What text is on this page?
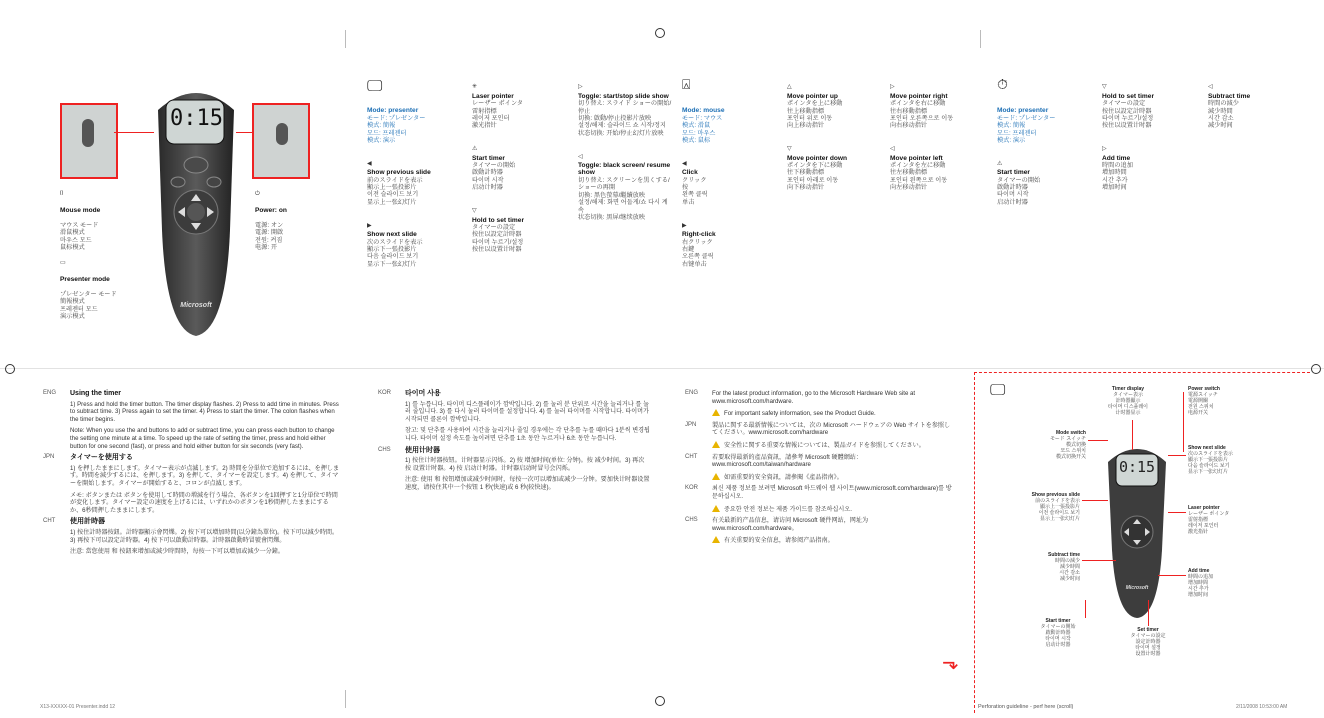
0:15
Microsoft

⌷

Mouse mode

マウス モード
滑鼠模式
마우스 모드
鼠标模式

▭

Presenter mode

プレゼンター モード
簡報模式
프레젠터 모드
演示模式

⏻

Power: on

電源: オン
電源: 開啟
전원: 켜짐
电源: 开

🖵

Mode: presenter
モード: プレゼンター
模式: 簡報
모드: 프레젠터
模式: 演示

◀
Show previous slide
前のスライドを表示
顯示上一張投影片
이전 슬라이드 보기
显示上一张幻灯片

▶
Show next slide
次のスライドを表示
顯示下一張投影片
다음 슬라이드 보기
显示下一张幻灯片

✳
Laser pointer
レーザー ポインタ
雷射指標
레이저 포인터
激光指针

⚠
Start timer
タイマーの開始
啟動計時器
타이머 시작
启动计时器

▽
Hold to set timer
タイマーの設定
按住以設定計時器
타이머 누르기/설정
按住以设置计时器

▷
Toggle: start/stop slide show
切り替え: スライド ショーの開始/停止
切換: 啟動/停止投影片放映
설정/해제: 슬라이드 쇼 시작/정지
状态切换: 开始/停止幻灯片放映

◁
Toggle: black screen/ resume show
切り替え: スクリーンを黒くする/ショーの再開
切換: 黑色螢幕/繼續放映
설정/해제: 화면 어둡게/쇼 다시 계속
状态切换: 黑屏/继续放映

⍓

Mode: mouse
モード: マウス
模式: 滑鼠
모드: 마우스
模式: 鼠标

◀
Click
クリック
按
왼쪽 클릭
单击

▶
Right-click
右クリック
右鍵
오른쪽 클릭
右键单击

△
Move pointer up
ポインタを上に移動
往上移動指標
포인터 위로 이동
向上移动指针

▽
Move pointer down
ポインタを下に移動
往下移動指標
포인터 아래로 이동
向下移动指针

▷
Move pointer right
ポインタを右に移動
往右移動指標
포인터 오른쪽으로 이동
向右移动指针

◁
Move pointer left
ポインタを左に移動
往左移動指標
포인터 왼쪽으로 이동
向左移动指针

⏱

Mode: presenter
モード: プレゼンター
模式: 簡報
모드: 프레젠터
模式: 演示

⚠
Start timer
タイマーの開始
啟動計時器
타이머 시작
启动计时器

▽
Hold to set timer
タイマーの設定
按住以設定計時器
타이머 누르기/설정
按住以设置计时器

▷
Add time
時間の追加
增加時間
시간 추가
增加时间

◁
Subtract time
時間の減少
減少時間
시간 감소
减少时间

ENG Using the timer
1) Press and hold the timer button. The timer display flashes. 2) Press to add time in minutes. Press to subtract time. 3) Press again to set the timer. 4) Press to start the timer. The colon flashes when the timer begins.
Note: When you use the and buttons to add or subtract time, you can press each button to change the setting one minute at a time. To speed up the rate of setting the timer, press and hold either button for one second (fast), or press and hold either button for six seconds (very fast).
JPN タイマーを使用する
1) を押したままにします。タイマー表示が点滅します。2) 時間を分単位で追加するには、を押します。時間を減少するには、を押します。3) を押して、タイマーを設定します。4) を押して、タイマーを開始します。タイマーが開始すると、コロンが点滅します。
メモ: ボタンまたは ボタンを使用して時間の増減を行う場合、各ボタンを1回押すと1分単位で時間が変化します。タイマー設定の速度を上げるには、いずれかのボタンを1秒間押したままにするか、6秒間押したままにします。
CHT 使用計時器
1) 按住計時器按鈕。計時器顯示會閃爍。2) 按下可以增加時間(以分鐘為單位)。按下可以減少時間。3) 再按下可以設定計時器。4) 按下可以啟動計時器。計時器啟動時冒號會閃爍。
注意: 當您使用 和 按鈕來增加或減少時間時，每按一下可以增加或減少一分鐘。
KOR 타이머 사용
1) 를 누릅니다. 타이머 디스플레이가 깜박입니다. 2) 를 눌러 분 단위로 시간을 늘리거나 를 눌러 줄입니다. 3) 를 다시 눌러 타이머를 설정합니다. 4) 를 눌러 타이머를 시작합니다. 타이머가 시작되면 콜론이 깜박입니다.
참고: 및 단추를 사용하여 시간을 늘리거나 줄일 경우에는 각 단추를 누를 때마다 1분씩 변경됩니다. 타이머 설정 속도를 높이려면 단추를 1초 동안 누르거나 6초 동안 누릅니다.
CHS 使用计时器
1) 按住计时器按钮。计时器显示闪烁。2) 按 增加时间(单位: 分钟)。按 减少时间。3) 再次按 设置计时器。4) 按 启动计时器。计时器启动时冒号会闪烁。
注意: 使用 和 按钮增加或减少时间时，每按一次可以增加或减少一分钟。要加快计时器设置速度，请按住其中一个按钮 1 秒(快速)或 6 秒(较快速)。
ENG For the latest product information, go to the Microsoft Hardware Web site at www.microsoft.com/hardware.
For important safety information, see the Product Guide.
JPN	製品に関する最新情報については、次の Microsoft ハードウェアの Web サイトを参照してください。www.microsoft.com/hardware
安全性に関する重要な情報については、製品ガイドを参照してください。
CHT 若要取得最新的產品資訊，請參考 Microsoft 硬體網站：www.microsoft.com/taiwan/hardware
如需重要的安全資訊，請參閱《產品指南》。
KOR 최신 제품 정보를 보려면 Microsoft 하드웨어 웹 사이트(www.microsoft.com/hardware)를 방문하십시오.
중요한 안전 정보는 제품 가이드를 참조하십시오.
CHS 有关最新的产品信息，请访问 Microsoft 硬件网站，网址为 www.microsoft.com/hardware。
有关重要的安全信息，请参阅产品指南。
⬎
🖵
0:15
Microsoft
Timer display
タイマー表示
計時器顯示
타이머 디스플레이
计时器显示
Power switch
電源スイッチ
電源開關
전원 스위치
电源开关
Mode switch
モード スイッチ
模式切換
모드 스위치
模式切换开关
Show next slide
次のスライドを表示
顯示下一張投影片
다음 슬라이드 보기
显示下一张幻灯片
Show previous slide
前のスライドを表示
顯示上一張投影片
이전 슬라이드 보기
显示上一张幻灯片
Laser pointer
レーザー ポインタ
雷射指標
레이저 포인터
激光指针
Subtract time
時間の減少
減少時間
시간 감소
减少时间
Add time
時間の追加
增加時間
시간 추가
增加时间
Start timer
タイマーの開始
啟動計時器
타이머 시작
启动计时器
Set timer
タイマーの設定
設定計時器
타이머 설정
设置计时器
X13-XXXXX-01 Presenter.indd 12	Perforation guideline - perf here (scroll)	2/11/2008 10:53:00 AM
